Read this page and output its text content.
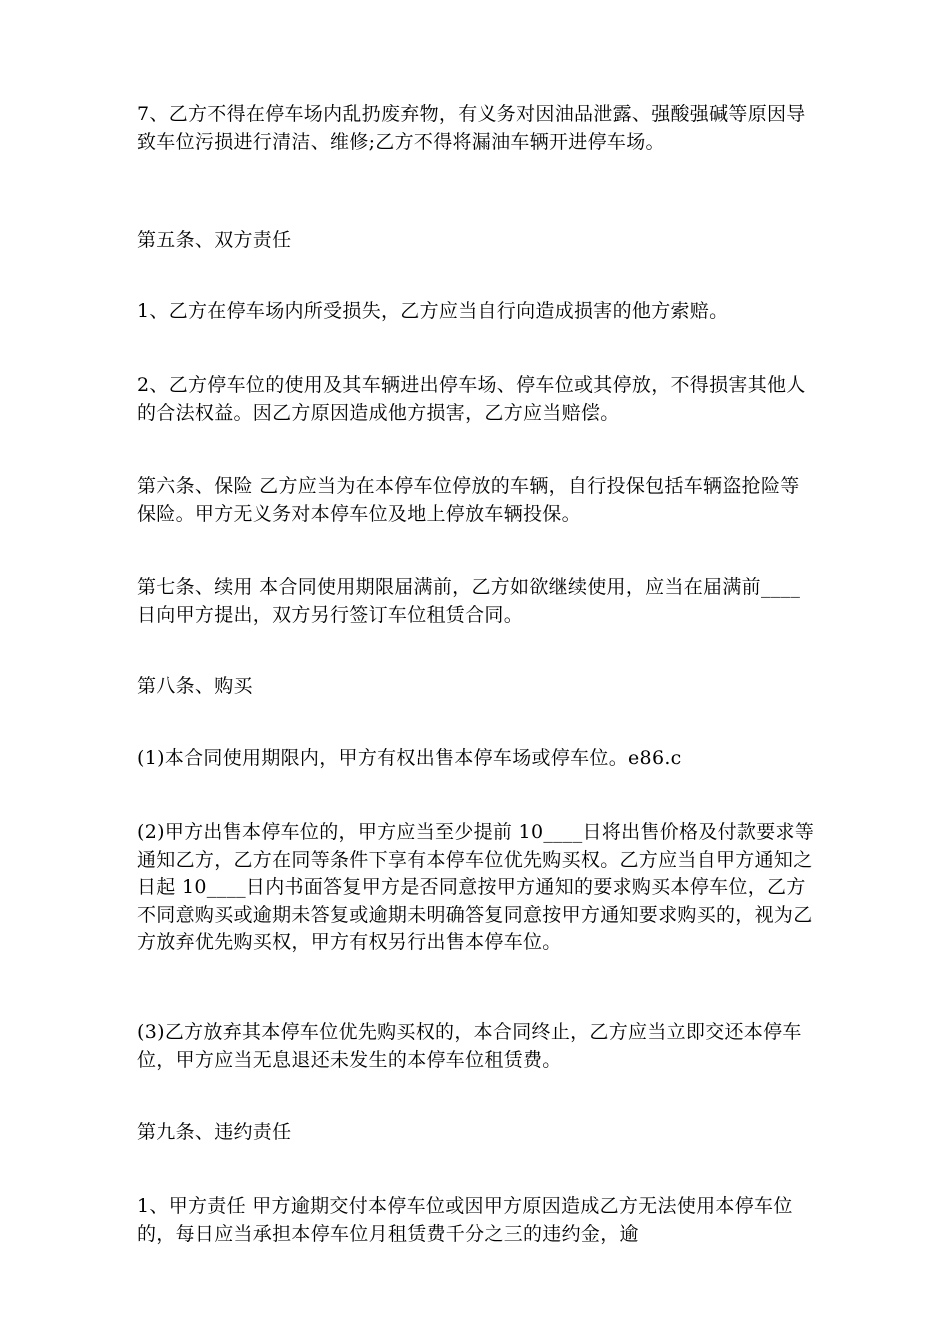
7、乙方不得在停车场内乱扔废弃物，有义务对因油品泄露、强酸强碱等原因导致车位污损进行清洁、维修;乙方不得将漏油车辆开进停车场。

第五条、双方责任

1、乙方在停车场内所受损失，乙方应当自行向造成损害的他方索赔。

2、乙方停车位的使用及其车辆进出停车场、停车位或其停放，不得损害其他人的合法权益。因乙方原因造成他方损害，乙方应当赔偿。

第六条、保险 乙方应当为在本停车位停放的车辆，自行投保包括车辆盗抢险等保险。甲方无义务对本停车位及地上停放车辆投保。

第七条、续用 本合同使用期限届满前，乙方如欲继续使用，应当在届满前____日向甲方提出，双方另行签订车位租赁合同。

第八条、购买

(1)本合同使用期限内，甲方有权出售本停车场或停车位。e86.c

(2)甲方出售本停车位的，甲方应当至少提前 10____日将出售价格及付款要求等通知乙方，乙方在同等条件下享有本停车位优先购买权。乙方应当自甲方通知之日起 10____日内书面答复甲方是否同意按甲方通知的要求购买本停车位，乙方不同意购买或逾期未答复或逾期未明确答复同意按甲方通知要求购买的，视为乙方放弃优先购买权，甲方有权另行出售本停车位。

(3)乙方放弃其本停车位优先购买权的，本合同终止，乙方应当立即交还本停车位，甲方应当无息退还未发生的本停车位租赁费。

第九条、违约责任

1、甲方责任 甲方逾期交付本停车位或因甲方原因造成乙方无法使用本停车位的，每日应当承担本停车位月租赁费千分之三的违约金，逾
